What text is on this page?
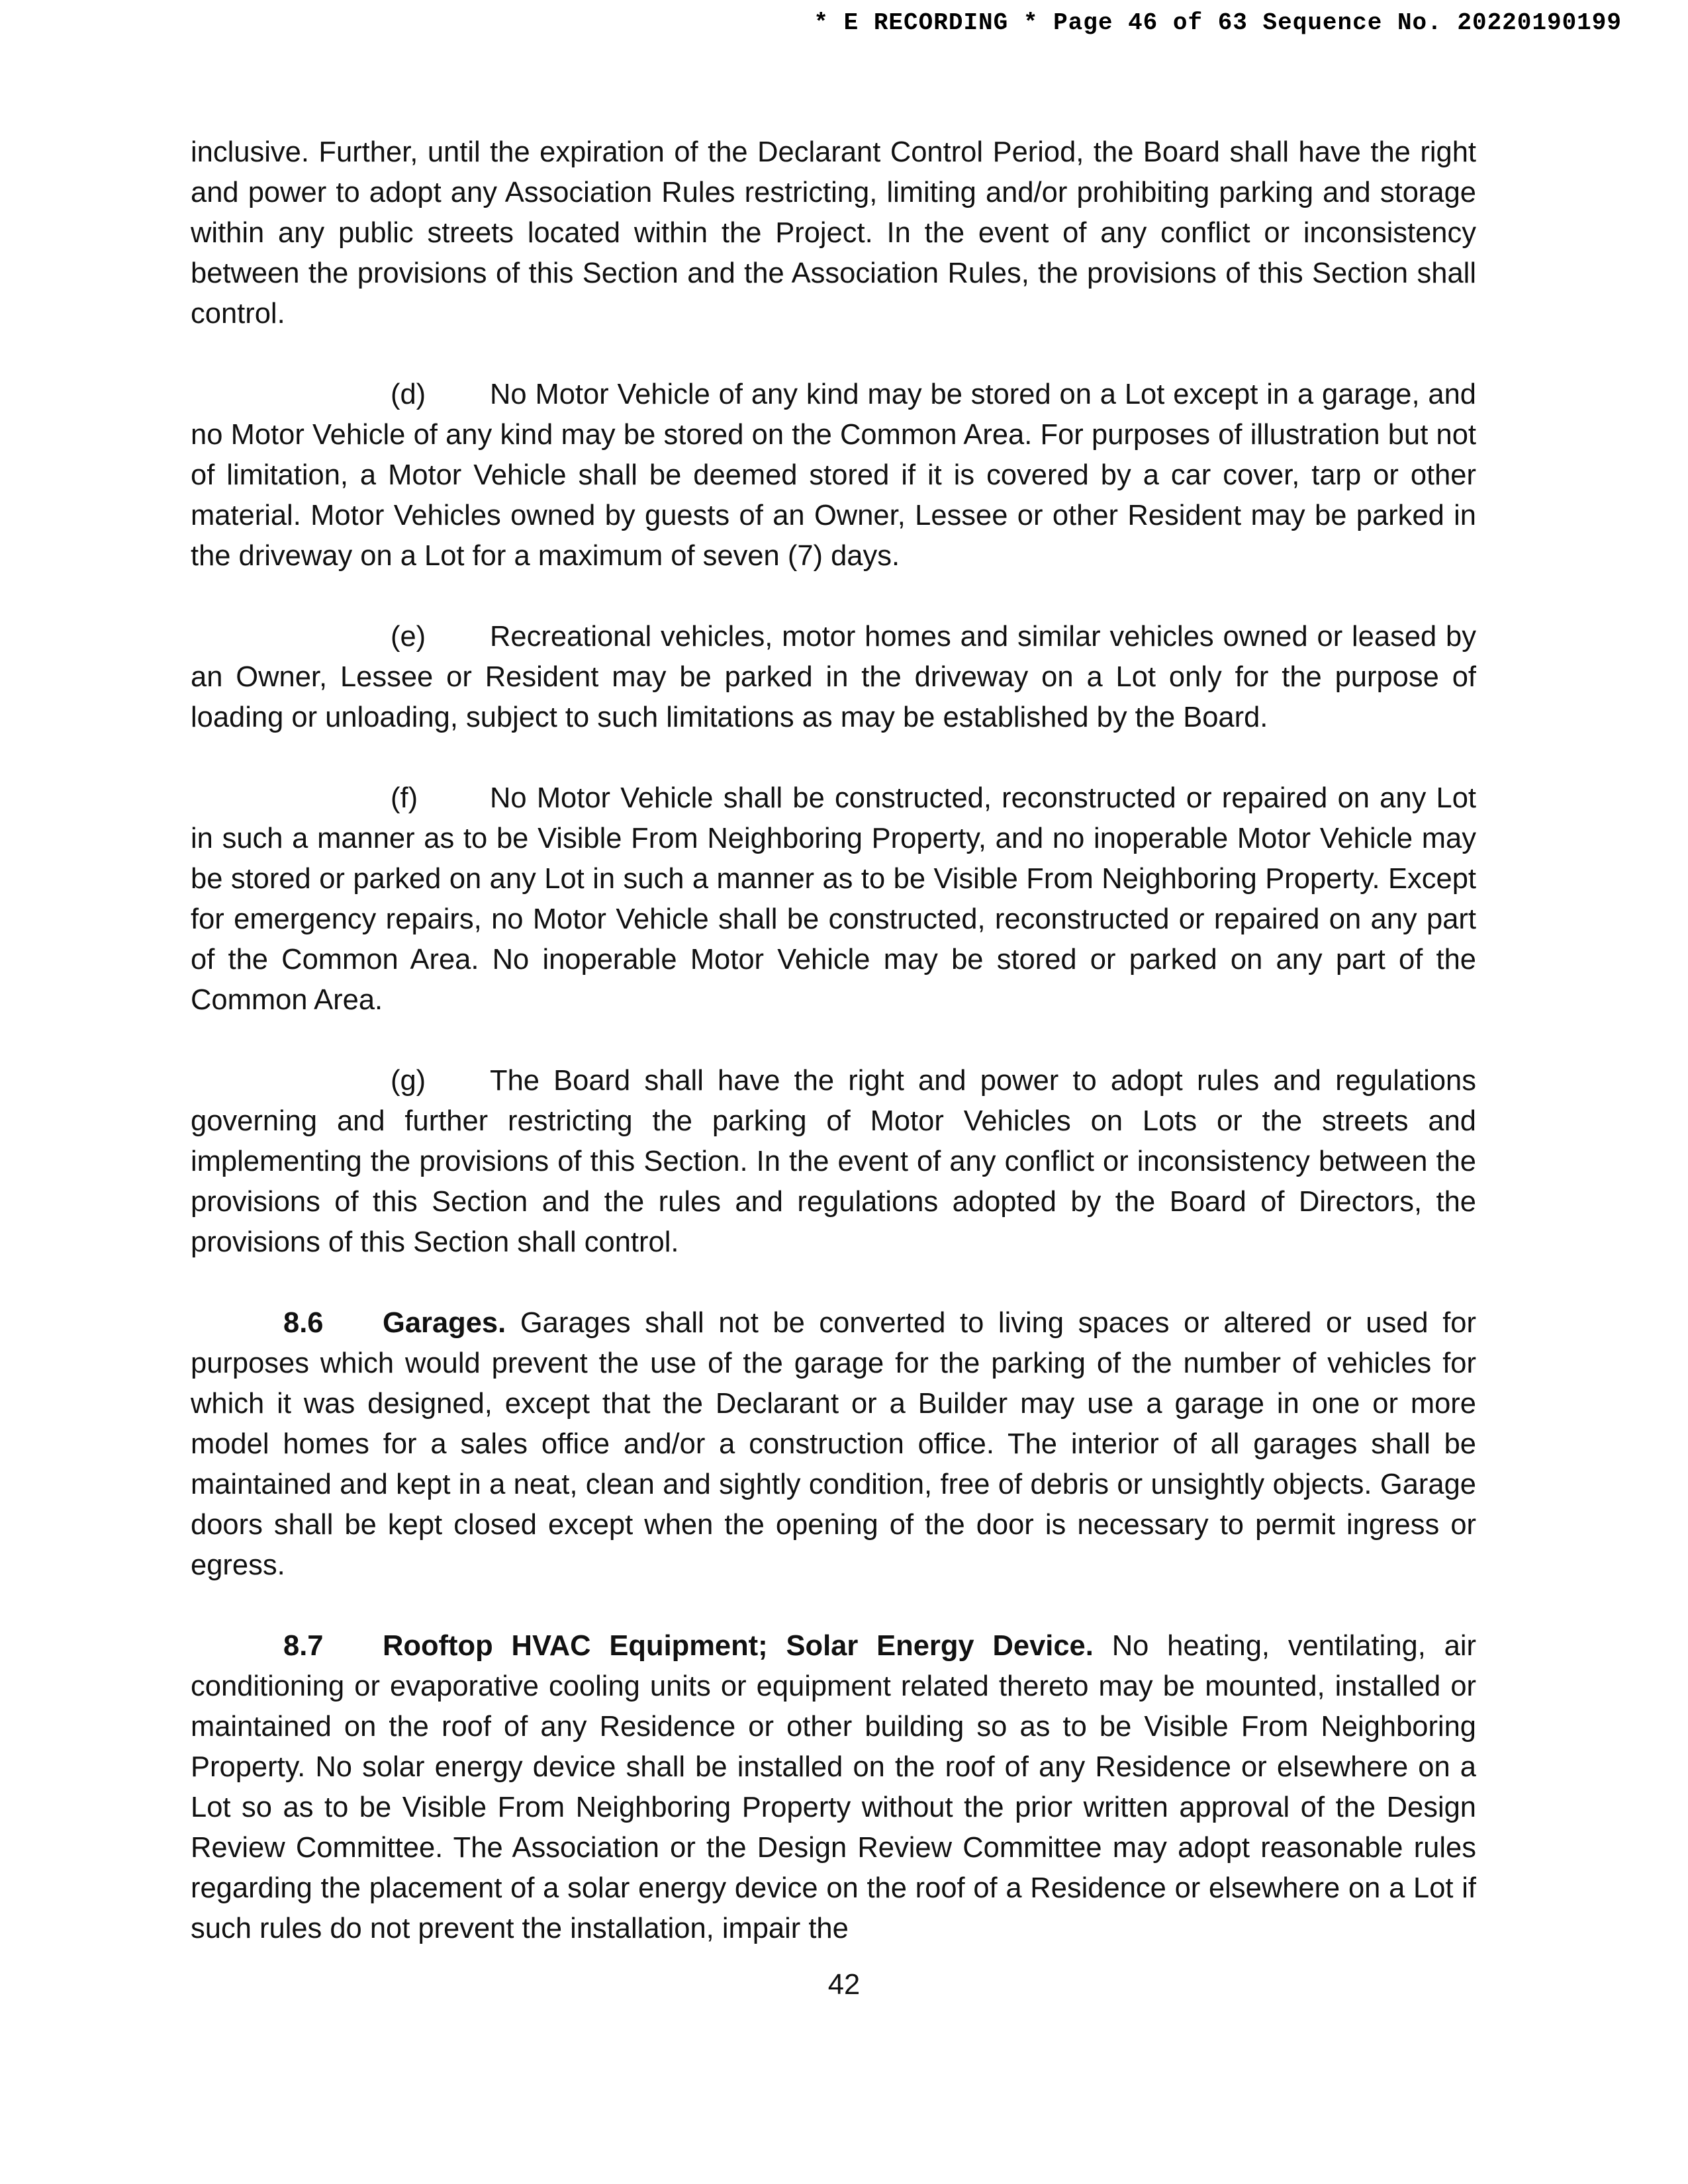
* E RECORDING * Page 46 of 63 Sequence No. 20220190199

inclusive. Further, until the expiration of the Declarant Control Period, the Board shall have the right and power to adopt any Association Rules restricting, limiting and/or prohibiting parking and storage within any public streets located within the Project. In the event of any conflict or inconsistency between the provisions of this Section and the Association Rules, the provisions of this Section shall control.

(d) No Motor Vehicle of any kind may be stored on a Lot except in a garage, and no Motor Vehicle of any kind may be stored on the Common Area. For purposes of illustration but not of limitation, a Motor Vehicle shall be deemed stored if it is covered by a car cover, tarp or other material. Motor Vehicles owned by guests of an Owner, Lessee or other Resident may be parked in the driveway on a Lot for a maximum of seven (7) days.

(e) Recreational vehicles, motor homes and similar vehicles owned or leased by an Owner, Lessee or Resident may be parked in the driveway on a Lot only for the purpose of loading or unloading, subject to such limitations as may be established by the Board.

(f)	No Motor Vehicle shall be constructed, reconstructed or repaired on any Lot in such a manner as to be Visible From Neighboring Property, and no inoperable Motor Vehicle may be stored or parked on any Lot in such a manner as to be Visible From Neighboring Property. Except for emergency repairs, no Motor Vehicle shall be constructed, reconstructed or repaired on any part of the Common Area. No inoperable Motor Vehicle may be stored or parked on any part of the Common Area.

(g) The Board shall have the right and power to adopt rules and regulations governing and further restricting the parking of Motor Vehicles on Lots or the streets and implementing the provisions of this Section. In the event of any conflict or inconsistency between the provisions of this Section and the rules and regulations adopted by the Board of Directors, the provisions of this Section shall control.

8.6 Garages. Garages shall not be converted to living spaces or altered or used for purposes which would prevent the use of the garage for the parking of the number of vehicles for which it was designed, except that the Declarant or a Builder may use a garage in one or more model homes for a sales office and/or a construction office. The interior of all garages shall be maintained and kept in a neat, clean and sightly condition, free of debris or unsightly objects. Garage doors shall be kept closed except when the opening of the door is necessary to permit ingress or egress.

8.7 Rooftop HVAC Equipment; Solar Energy Device. No heating, ventilating, air conditioning or evaporative cooling units or equipment related thereto may be mounted, installed or maintained on the roof of any Residence or other building so as to be Visible From Neighboring Property. No solar energy device shall be installed on the roof of any Residence or elsewhere on a Lot so as to be Visible From Neighboring Property without the prior written approval of the Design Review Committee. The Association or the Design Review Committee may adopt reasonable rules regarding the placement of a solar energy device on the roof of a Residence or elsewhere on a Lot if such rules do not prevent the installation, impair the

42
